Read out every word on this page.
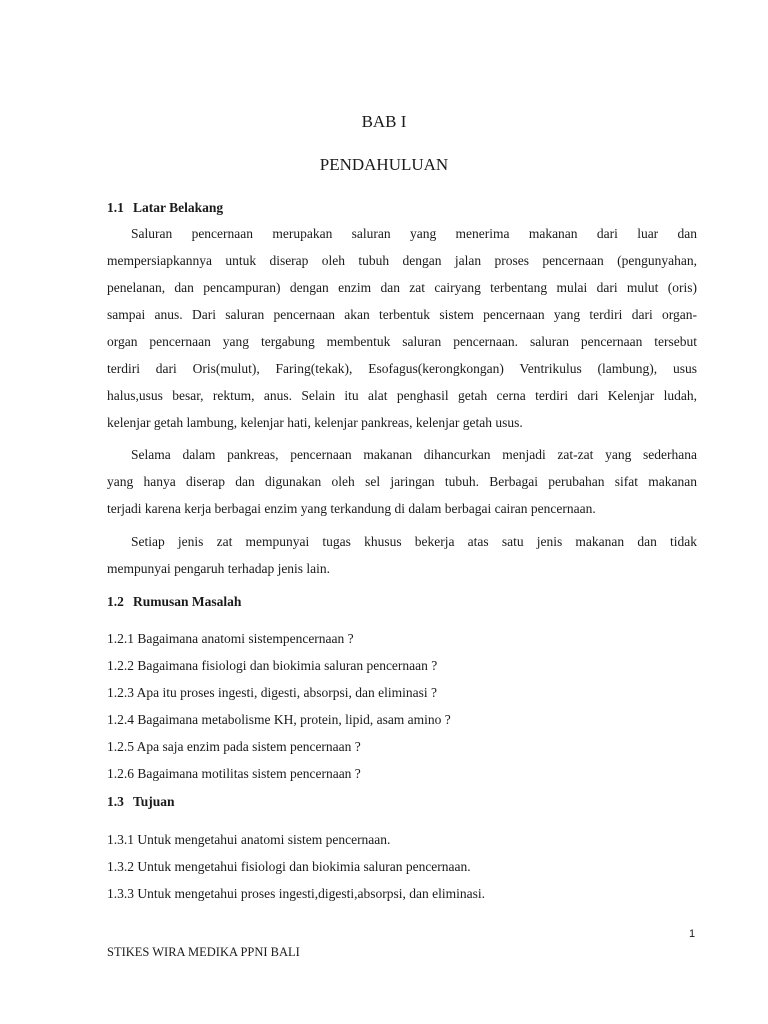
BAB I
PENDAHULUAN
1.1 Latar Belakang
Saluran pencernaan merupakan saluran yang menerima makanan dari luar dan
mempersiapkannya untuk diserap oleh tubuh dengan jalan proses pencernaan (pengunyahan,
penelanan, dan pencampuran) dengan enzim dan zat cairyang terbentang mulai dari mulut (oris)
sampai anus. Dari saluran pencernaan akan terbentuk sistem pencernaan yang terdiri dari organ-
organ pencernaan yang tergabung membentuk saluran pencernaan. saluran pencernaan tersebut
terdiri dari Oris(mulut), Faring(tekak), Esofagus(kerongkongan) Ventrikulus (lambung), usus
halus,usus besar, rektum, anus. Selain itu alat penghasil getah cerna terdiri dari Kelenjar ludah,
kelenjar getah lambung, kelenjar hati, kelenjar pankreas, kelenjar getah usus.
Selama dalam pankreas, pencernaan makanan dihancurkan menjadi zat-zat yang sederhana
yang hanya diserap dan digunakan oleh sel jaringan tubuh. Berbagai perubahan sifat makanan
terjadi karena kerja berbagai enzim yang terkandung di dalam berbagai cairan pencernaan.
Setiap jenis zat mempunyai tugas khusus bekerja atas satu jenis makanan dan tidak
mempunyai pengaruh terhadap jenis lain.
1.2 Rumusan Masalah
1.2.1 Bagaimana anatomi sistempencernaan ?
1.2.2 Bagaimana fisiologi dan biokimia saluran pencernaan ?
1.2.3 Apa itu proses ingesti, digesti, absorpsi, dan eliminasi ?
1.2.4 Bagaimana metabolisme KH, protein, lipid, asam amino ?
1.2.5 Apa saja enzim pada sistem pencernaan ?
1.2.6 Bagaimana motilitas sistem pencernaan ?
1.3 Tujuan
1.3.1 Untuk mengetahui anatomi sistem pencernaan.
1.3.2 Untuk mengetahui fisiologi dan biokimia saluran pencernaan.
1.3.3 Untuk mengetahui proses ingesti,digesti,absorpsi, dan eliminasi.
1
STIKES WIRA MEDIKA PPNI BALI
